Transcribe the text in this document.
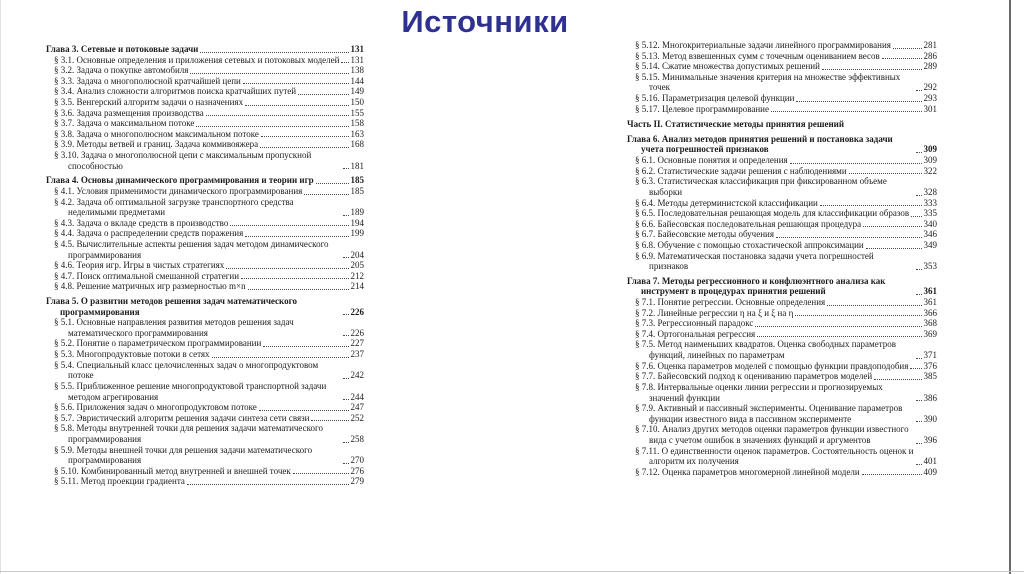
Источники
Глава 3. Сетевые и потоковые задачи	131
§ 3.1. Основные определения и приложения сетевых и потоковых моделей 131
§ 3.2. Задача о покупке автомобиля	138
§ 3.3. Задача о многополюсной кратчайшей цепи	144
§ 3.4. Анализ сложности алгоритмов поиска кратчайших путей	149
§ 3.5. Венгерский алгоритм задачи о назначениях	150
§ 3.6. Задача размещения производства	155
§ 3.7. Задача о максимальном потоке	158
§ 3.8. Задача о многополюсном максимальном потоке	163
§ 3.9. Методы ветвей и границ. Задача коммивояжера	168
§ 3.10. Задача о многополюсной цепи с максимальным пропускной способностью	181
Глава 4. Основы динамического программирования и теории игр	185
§ 4.1. Условия применимости динамического программирования	185
§ 4.2. Задача об оптимальной загрузке транспортного средства неделимыми предметами	189
§ 4.3. Задача о вкладе средств в производство	194
§ 4.4. Задача о распределении средств поражения	199
§ 4.5. Вычислительные аспекты решения задач методом динамического программирования	204
§ 4.6. Теория игр. Игры в чистых стратегиях	205
§ 4.7. Поиск оптимальной смешанной стратегии	212
§ 4.8. Решение матричных игр размерностью m×n	214
Глава 5. О развитии методов решения задач математического программирования	226
§ 5.1. Основные направления развития методов решения задач математического программирования	226
§ 5.2. Понятие о параметрическом программировании	227
§ 5.3. Многопродуктовые потоки в сетях	237
§ 5.4. Специальный класс целочисленных задач о многопродуктовом потоке	242
§ 5.5. Приближенное решение многопродуктовой транспортной задачи методом агрегирования	244
§ 5.6. Приложения задач о многопродуктовом потоке	247
§ 5.7. Эвристический алгоритм решения задачи синтеза сети связи	252
§ 5.8. Методы внутренней точки для решения задачи математического программирования	258
§ 5.9. Методы внешней точки для решения задачи математического программирования	270
§ 5.10. Комбинированный метод внутренней и внешней точек	276
§ 5.11. Метод проекции градиента	279
§ 5.12. Многокритериальные задачи линейного программирования	281
§ 5.13. Метод взвешенных сумм с точечным оцениванием весов	286
§ 5.14. Сжатие множества допустимых решений	289
§ 5.15. Минимальные значения критерия на множестве эффективных точек	292
§ 5.16. Параметризация целевой функции	293
§ 5.17. Целевое программирование	301
Часть II. Статистические методы принятия решений
Глава 6. Анализ методов принятия решений и постановка задачи учета погрешностей признаков	309
§ 6.1. Основные понятия и определения	309
§ 6.2. Статистические задачи решения с наблюдениями	322
§ 6.3. Статистическая классификация при фиксированном объеме выборки	328
§ 6.4. Методы детерминистской классификации	333
§ 6.5. Последовательная решающая модель для классификации образов 335
§ 6.6. Байесовская последовательная решающая процедура	340
§ 6.7. Байесовские методы обучения	346
§ 6.8. Обучение с помощью стохастической аппроксимации	349
§ 6.9. Математическая постановка задачи учета погрешностей признаков	353
Глава 7. Методы регрессионного и конфлюэнтного анализа как инструмент в процедурах принятия решений	361
§ 7.1. Понятие регрессии. Основные определения	361
§ 7.2. Линейные регрессии η на ξ и ξ на η	366
§ 7.3. Регрессионный парадокс	368
§ 7.4. Ортогональная регрессия	369
§ 7.5. Метод наименьших квадратов. Оценка свободных параметров функций, линейных по параметрам	371
§ 7.6. Оценка параметров моделей с помощью функции правдоподобия 376
§ 7.7. Байесовский подход к оцениванию параметров моделей	385
§ 7.8. Интервальные оценки линии регрессии и прогнозируемых значений функции	386
§ 7.9. Активный и пассивный эксперименты. Оценивание параметров функции известного вида в пассивном эксперименте	390
§ 7.10. Анализ других методов оценки параметров функции известного вида с учетом ошибок в значениях функций и аргументов	396
§ 7.11. О единственности оценок параметров. Состоятельность оценок и алгоритм их получения	401
§ 7.12. Оценка параметров многомерной линейной модели	409
